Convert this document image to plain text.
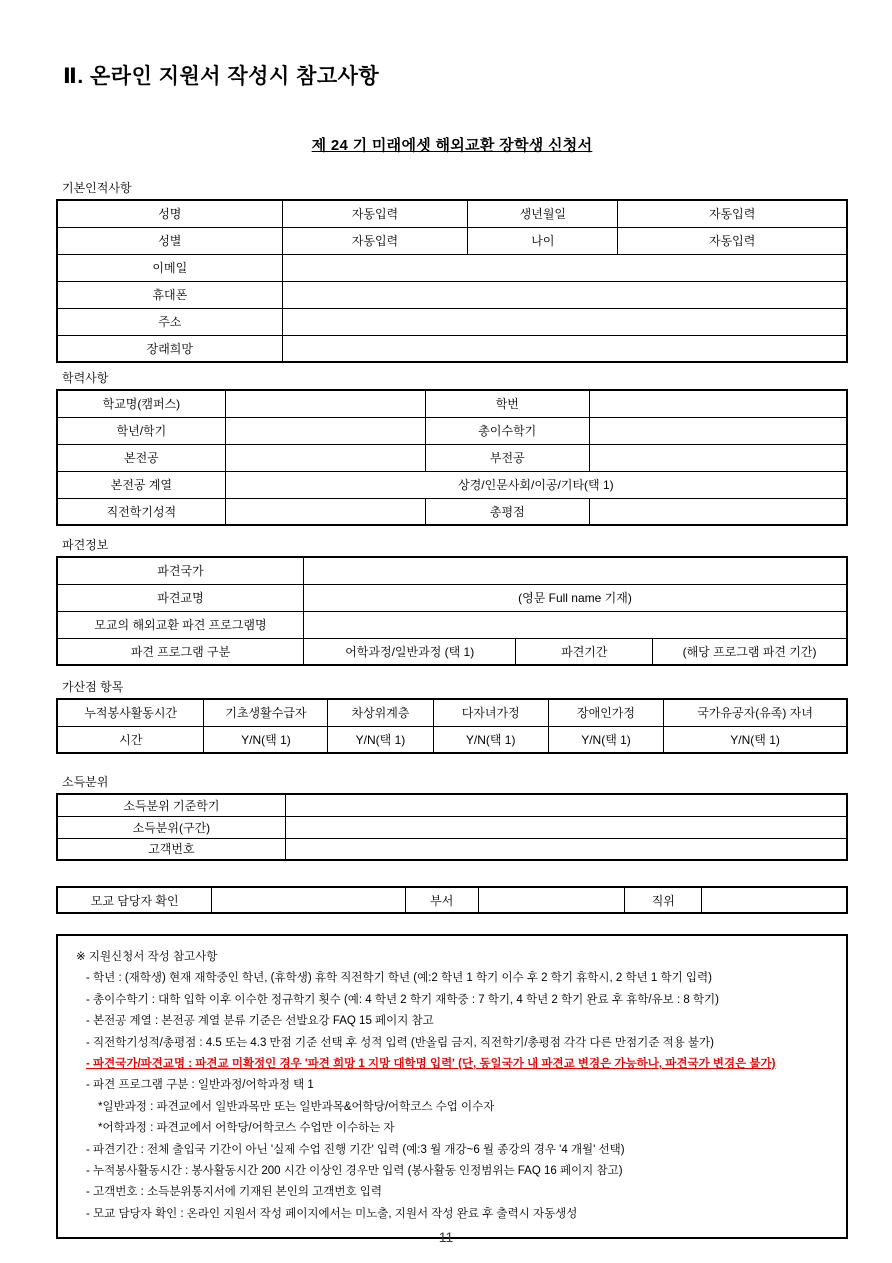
Ⅱ. 온라인 지원서 작성시 참고사항
제 24 기 미래에셋 해외교환 장학생 신청서
기본인적사항
성명	자동입력	생년월일	자동입력
성별	자동입력	나이	자동입력
이메일			
휴대폰			
주소			
장래희망			
학력사항
학교명(캠퍼스)		학번	
학년/학기		총이수학기	
본전공		부전공	
본전공 계열	상경/인문사회/이공/기타(택 1)		
직전학기성적		총평점	
파견정보
파견국가			
파견교명	(영문 Full name 기재)		
모교의 해외교환 파견 프로그램명			
파견 프로그램 구분	어학과정/일반과정 (택 1)	파견기간	(해당 프로그램 파견 기간)
가산점 항목
누적봉사활동시간	기초생활수급자	차상위계층	다자녀가정	장애인가정	국가유공자(유족) 자녀
시간	Y/N(택 1)	Y/N(택 1)	Y/N(택 1)	Y/N(택 1)	Y/N(택 1)
소득분위
소득분위 기준학기	
소득분위(구간)	
고객번호	
모교 담당자 확인		부서		직위	
※ 지원신청서 작성 참고사항
- 학년 : (재학생) 현재 재학중인 학년, (휴학생) 휴학 직전학기 학년 (예:2 학년 1 학기 이수 후 2 학기 휴학시, 2 학년 1 학기 입력)
- 총이수학기 : 대학 입학 이후 이수한 정규학기 횟수 (예: 4 학년 2 학기 재학중 : 7 학기, 4 학년 2 학기 완료 후 휴학/유보 : 8 학기)
- 본전공 계열 : 본전공 계열 분류 기준은 선발요강 FAQ 15 페이지 참고
- 직전학기성적/총평점 : 4.5 또는 4.3 만점 기준 선택 후 성적 입력 (반올림 금지, 직전학기/총평점 각각 다른 만점기준 적용 불가)
- 파견국가/파견교명 : 파견교 미확정인 경우 '파견 희망 1 지망 대학명 입력' (단, 동일국가 내 파견교 변경은 가능하나, 파견국가 변경은 불가)
- 파견 프로그램 구분 : 일반과정/어학과정 택 1
*일반과정 : 파견교에서 일반과목만 또는 일반과목&어학당/어학코스 수업 이수자
*어학과정 : 파견교에서 어학당/어학코스 수업만 이수하는 자
- 파견기간 : 전체 출입국 기간이 아닌 '실제 수업 진행 기간' 입력 (예:3 월 개강~6 월 종강의 경우 '4 개월' 선택)
- 누적봉사활동시간 : 봉사활동시간 200 시간 이상인 경우만 입력 (봉사활동 인정범위는 FAQ 16 페이지 참고)
- 고객번호 : 소득분위통지서에 기재된 본인의 고객번호 입력
- 모교 담당자 확인 : 온라인 지원서 작성 페이지에서는 미노출, 지원서 작성 완료 후 출력시 자동생성
11
